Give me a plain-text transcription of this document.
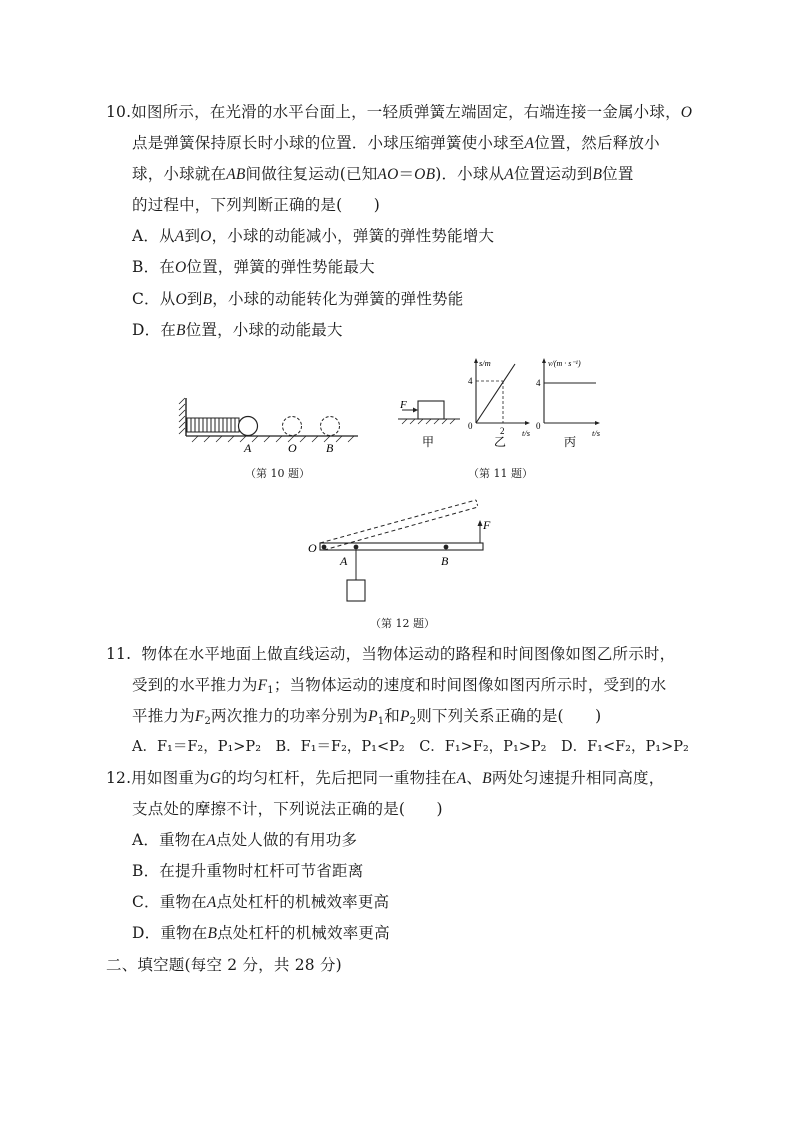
10.如图所示，在光滑的水平台面上，一轻质弹簧左端固定，右端连接一金属小球，O
点是弹簧保持原长时小球的位置．小球压缩弹簧使小球至A位置，然后释放小
球，小球就在AB间做往复运动(已知AO＝OB)．小球从A位置运动到B位置
的过程中，下列判断正确的是(　　)
A．从A到O，小球的动能减小，弹簧的弹性势能增大
B．在O位置，弹簧的弹性势能最大
C．从O到B，小球的动能转化为弹簧的弹性势能
D．在B位置，小球的动能最大
A	O B
（第 10 题）
F
甲
s/m
4
0	2 t/s
乙
v/(m · s⁻¹)
4
0
t/s
丙
（第 11 题）
F
O
A	B
（第 12 题）
11. 物体在水平地面上做直线运动，当物体运动的路程和时间图像如图乙所示时，
受到的水平推力为$F_1$；当物体运动的速度和时间图像如图丙所示时，受到的水
平推力为$F_2$两次推力的功率分别为$P_1$和$P_2$则下列关系正确的是(　　)
A．F₁＝F₂，P₁>P₂　B．F₁＝F₂，P₁<P₂　C．F₁>F₂，P₁>P₂　D．F₁<F₂，P₁>P₂
12.用如图重为G的均匀杠杆，先后把同一重物挂在A、B两处匀速提升相同高度，
支点处的摩擦不计，下列说法正确的是(　　)
A．重物在A点处人做的有用功多
B．在提升重物时杠杆可节省距离
C．重物在A点处杠杆的机械效率更高
D．重物在B点处杠杆的机械效率更高
二、填空题(每空 2 分，共 28 分)
